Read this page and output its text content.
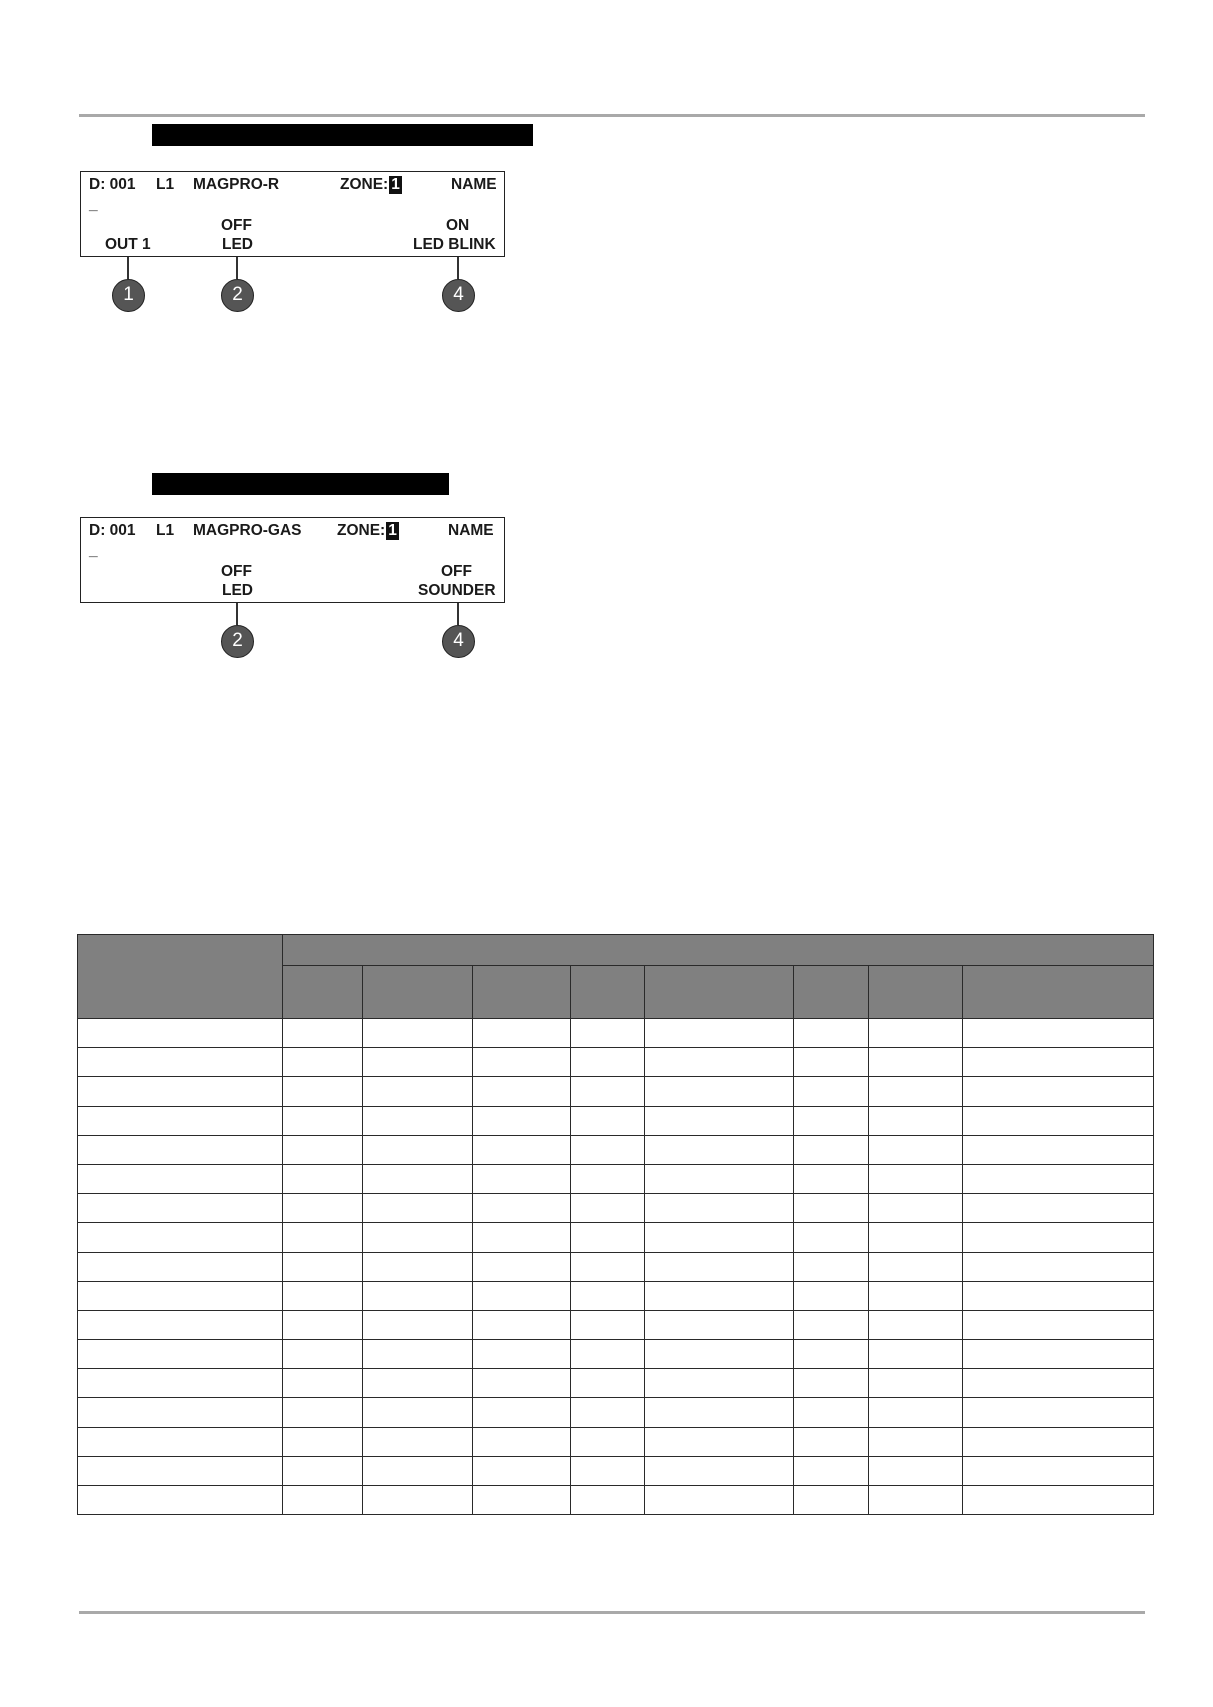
D: 001 L1 MAGPRO-R	ZONE: 1	NAME
_
OUT 1
OFF
LED
ON
LED BLINK
1	2	4
D: 001 L1 MAGPRO-GAS ZONE: 1	NAME
_
OFF
LED
OFF
SOUNDER
2	4
